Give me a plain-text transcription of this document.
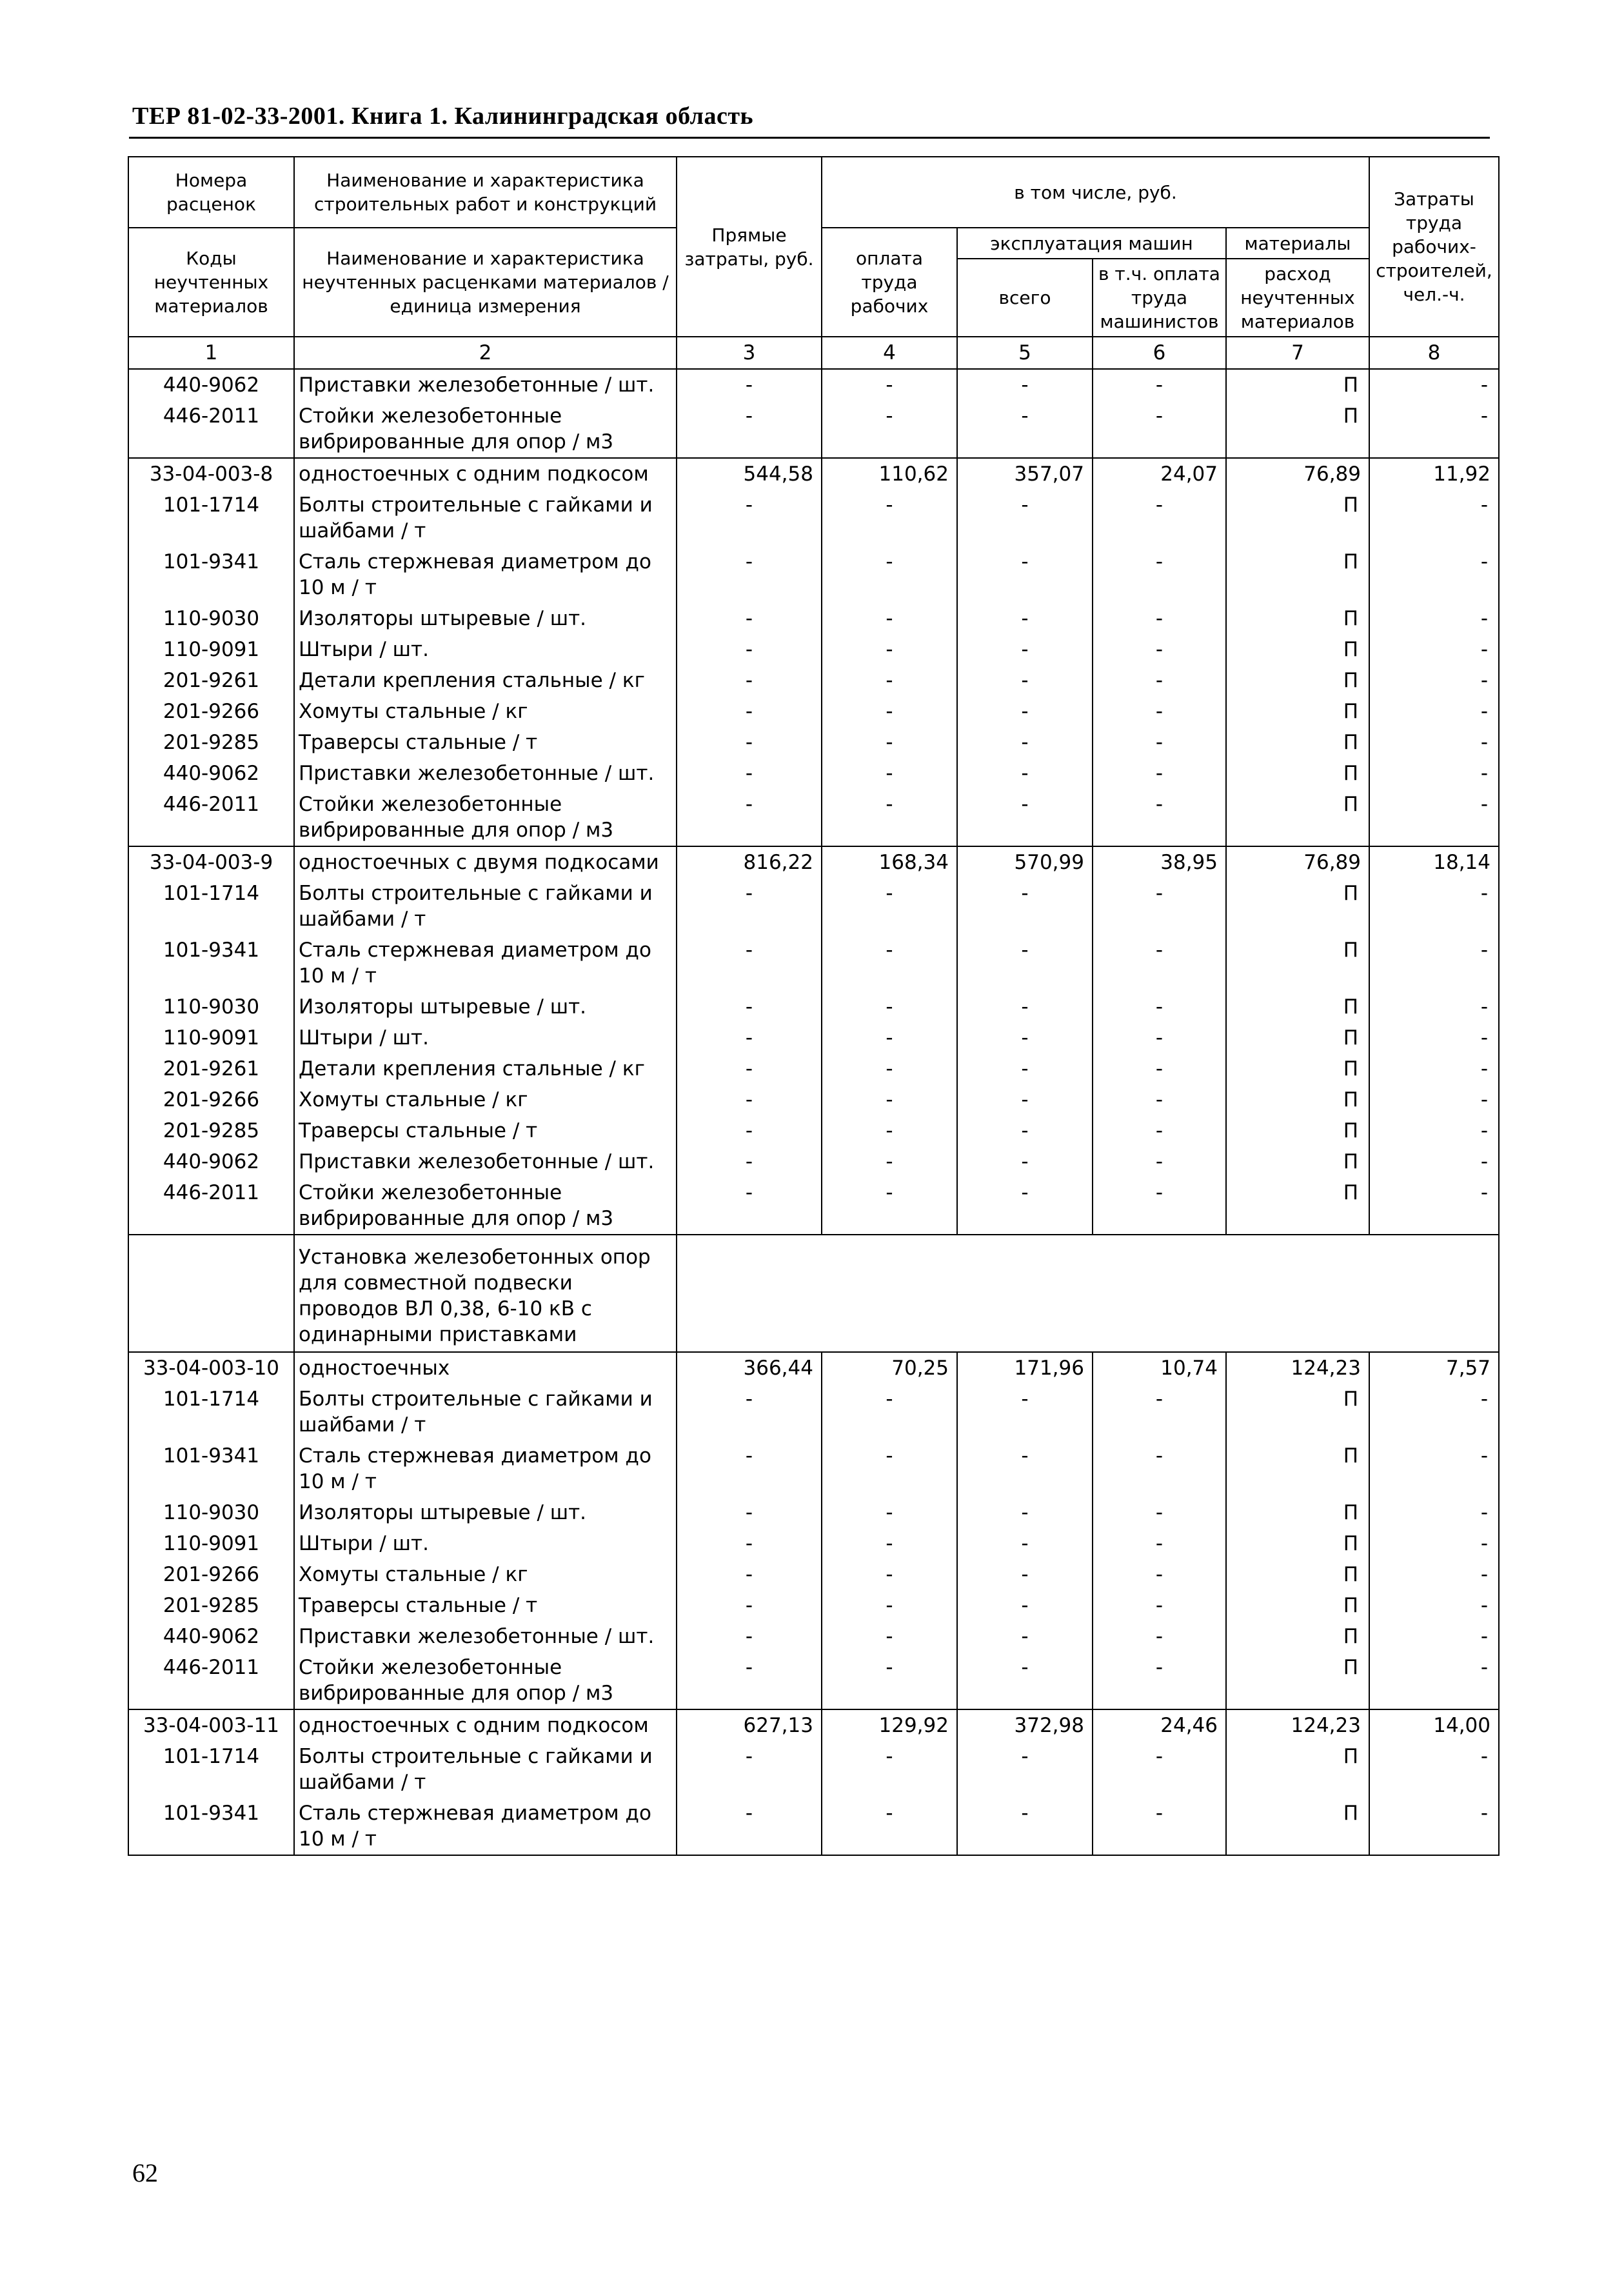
ТЕР 81-02-33-2001. Книга 1. Калининградская область
Номера расценок	Наименование и характеристика строительных работ и конструкций	Прямые затраты, руб.	в том числе, руб.				Затраты труда рабочих-строителей, чел.-ч.	
Коды неучтенных материалов	Наименование и характеристика неучтенных расценками материалов / единица измерения		оплата труда рабочих	эксплуатация машин		материалы		
				всего	в т.ч. оплата труда машинистов	расход неучтенных материалов		

1	2	3	4	5	6	7	8	
440-9062	Приставки железобетонные / шт.	-	-	-	-	П	-	
446-2011	Стойки железобетонные вибрированные для опор / м3	-	-	-	-	П	-	
33-04-003-8	одностоечных с одним подкосом	544,58	110,62	357,07	24,07	76,89	11,92	
101-1714	Болты строительные с гайками и шайбами / т	-	-	-	-	П	-	
101-9341	Сталь стержневая диаметром до 10 м / т	-	-	-	-	П	-	
110-9030	Изоляторы штыревые / шт.	-	-	-	-	П	-	
110-9091	Штыри / шт.	-	-	-	-	П	-	
201-9261	Детали крепления стальные / кг	-	-	-	-	П	-	
201-9266	Хомуты стальные / кг	-	-	-	-	П	-	
201-9285	Траверсы стальные / т	-	-	-	-	П	-	
440-9062	Приставки железобетонные / шт.	-	-	-	-	П	-	
446-2011	Стойки железобетонные вибрированные для опор / м3	-	-	-	-	П	-	
33-04-003-9	одностоечных с двумя подкосами	816,22	168,34	570,99	38,95	76,89	18,14	
101-1714	Болты строительные с гайками и шайбами / т	-	-	-	-	П	-	
101-9341	Сталь стержневая диаметром до 10 м / т	-	-	-	-	П	-	
110-9030	Изоляторы штыревые / шт.	-	-	-	-	П	-	
110-9091	Штыри / шт.	-	-	-	-	П	-	
201-9261	Детали крепления стальные / кг	-	-	-	-	П	-	
201-9266	Хомуты стальные / кг	-	-	-	-	П	-	
201-9285	Траверсы стальные / т	-	-	-	-	П	-	
440-9062	Приставки железобетонные / шт.	-	-	-	-	П	-	
446-2011	Стойки железобетонные вибрированные для опор / м3	-	-	-	-	П	-	
	Установка железобетонных опор для совместной подвески проводов ВЛ 0,38, 6-10 кВ с одинарными приставками							
33-04-003-10	одностоечных	366,44	70,25	171,96	10,74	124,23	7,57	
101-1714	Болты строительные с гайками и шайбами / т	-	-	-	-	П	-	
101-9341	Сталь стержневая диаметром до 10 м / т	-	-	-	-	П	-	
110-9030	Изоляторы штыревые / шт.	-	-	-	-	П	-	
110-9091	Штыри / шт.	-	-	-	-	П	-	
201-9266	Хомуты стальные / кг	-	-	-	-	П	-	
201-9285	Траверсы стальные / т	-	-	-	-	П	-	
440-9062	Приставки железобетонные / шт.	-	-	-	-	П	-	
446-2011	Стойки железобетонные вибрированные для опор / м3	-	-	-	-	П	-	
33-04-003-11	одностоечных с одним подкосом	627,13	129,92	372,98	24,46	124,23	14,00	
101-1714	Болты строительные с гайками и шайбами / т	-	-	-	-	П	-	
101-9341	Сталь стержневая диаметром до 10 м / т	-	-	-	-	П	-	
62
